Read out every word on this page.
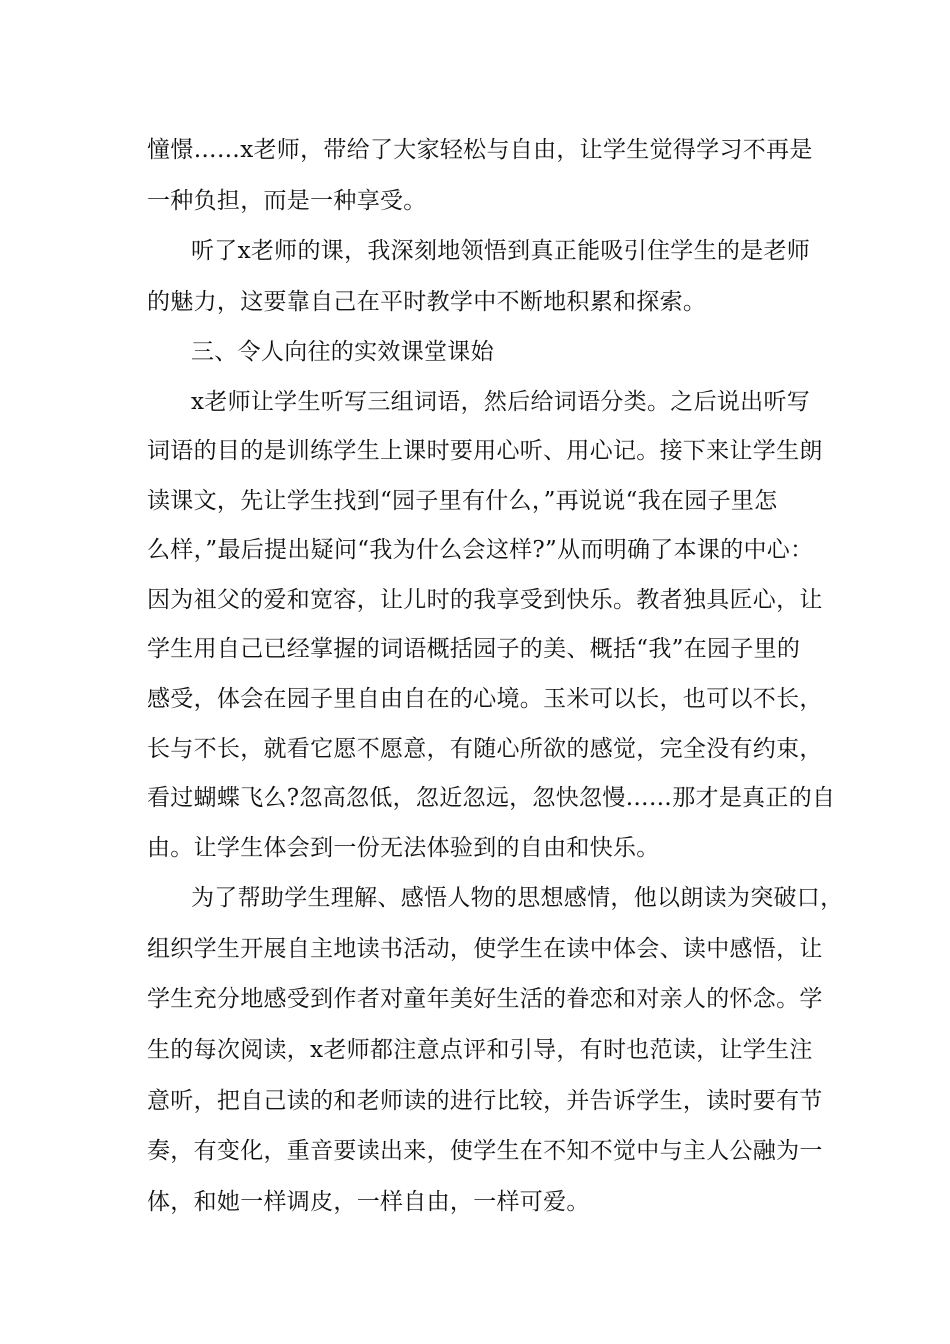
憧憬……x老师，带给了大家轻松与自由，让学生觉得学习不再是
一种负担，而是一种享受。
听了x老师的课，我深刻地领悟到真正能吸引住学生的是老师
的魅力，这要靠自己在平时教学中不断地积累和探索。
三、令人向往的实效课堂课始
x老师让学生听写三组词语，然后给词语分类。之后说出听写
词语的目的是训练学生上课时要用心听、用心记。接下来让学生朗
读课文，先让学生找到“园子里有什么，”再说说“我在园子里怎
么样，”最后提出疑问“我为什么会这样?”从而明确了本课的中心：
因为祖父的爱和宽容，让儿时的我享受到快乐。教者独具匠心，让
学生用自己已经掌握的词语概括园子的美、概括“我”在园子里的
感受，体会在园子里自由自在的心境。玉米可以长，也可以不长，
长与不长，就看它愿不愿意，有随心所欲的感觉，完全没有约束，
看过蝴蝶飞么?忽高忽低，忽近忽远，忽快忽慢……那才是真正的自
由。让学生体会到一份无法体验到的自由和快乐。
为了帮助学生理解、感悟人物的思想感情，他以朗读为突破口，
组织学生开展自主地读书活动，使学生在读中体会、读中感悟，让
学生充分地感受到作者对童年美好生活的眷恋和对亲人的怀念。学
生的每次阅读，x老师都注意点评和引导，有时也范读，让学生注
意听，把自己读的和老师读的进行比较，并告诉学生，读时要有节
奏，有变化，重音要读出来，使学生在不知不觉中与主人公融为一
体，和她一样调皮，一样自由，一样可爱。
